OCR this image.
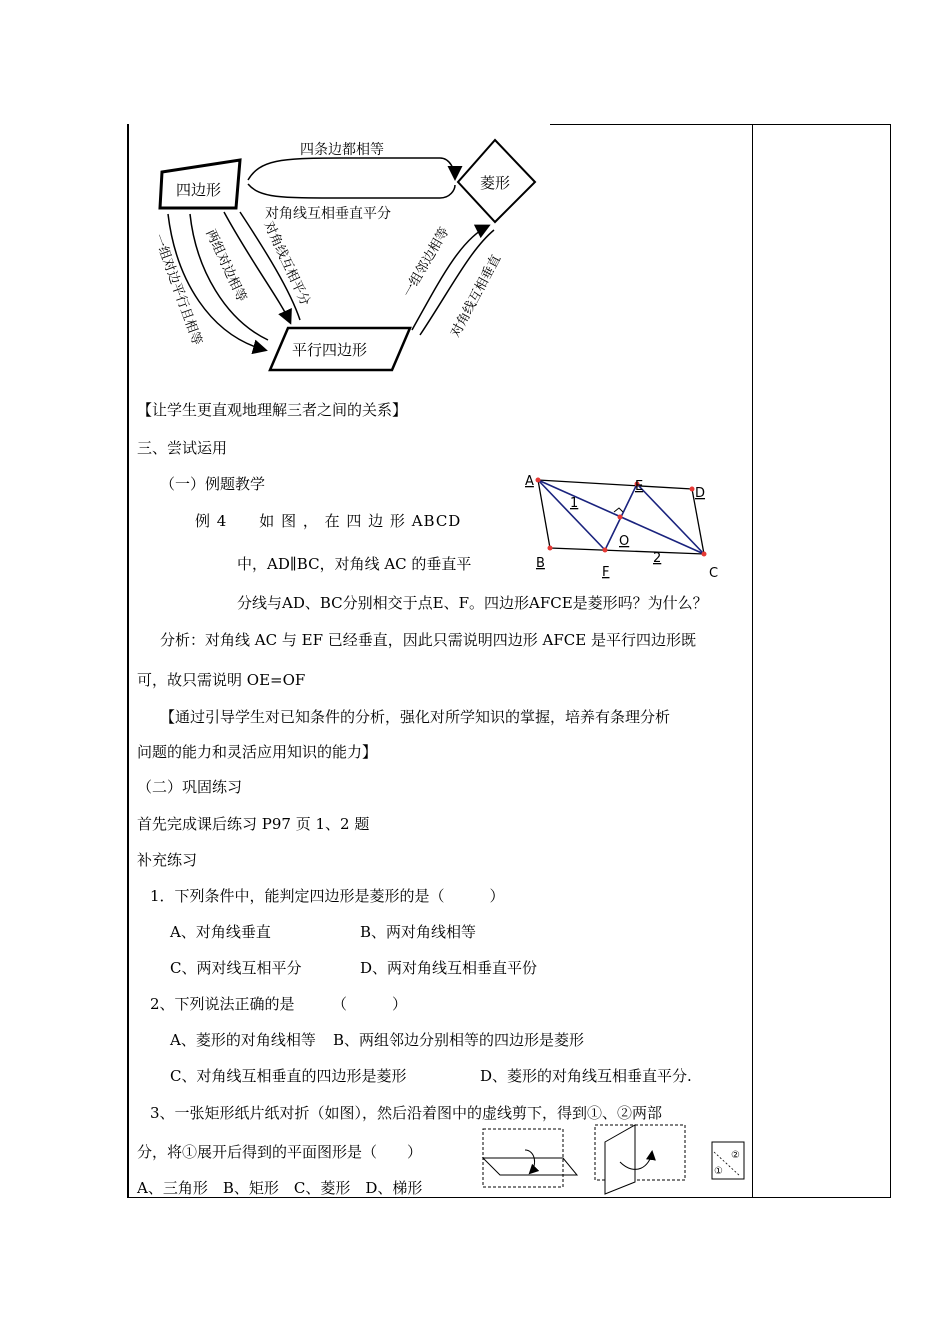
四边形	菱形
平行四边形
四条边都相等
对角线互相垂直平分
一组对边平行且相等
两组对边相等 对角线互相平分	一组邻边相等
对角线互相垂直
【让学生更直观地理解三者之间的关系】
三、尝试运用
（一）例题教学
例 4　　如 图 ， 在 四 边 形 ABCD
中，AD∥BC，对角线 AC 的垂直平
分线与AD、BC分别相交于点E、F。四边形AFCE是菱形吗？为什么？
A
B
C
D
E
F
O
1
2
分析：对角线 AC 与 EF 已经垂直，因此只需说明四边形 AFCE 是平行四边形既
可，故只需说明 OE=OF
【通过引导学生对已知条件的分析，强化对所学知识的掌握，培养有条理分析
问题的能力和灵活应用知识的能力】
（二）巩固练习
首先完成课后练习 P97 页 1、2 题
补充练习
1．下列条件中，能判定四边形是菱形的是（　　　）
A、对角线垂直	B、两对角线相等
C、两对线互相平分	D、两对角线互相垂直平份
2、下列说法正确的是　　　（　　　）
A、菱形的对角线相等 B、两组邻边分别相等的四边形是菱形
C、对角线互相垂直的四边形是菱形	D、菱形的对角线互相垂直平分.
3、一张矩形纸片纸对折（如图），然后沿着图中的虚线剪下，得到①、②两部
分，将①展开后得到的平面图形是（　　）
A、三角形　B、矩形　C、菱形　D、梯形
①
②
